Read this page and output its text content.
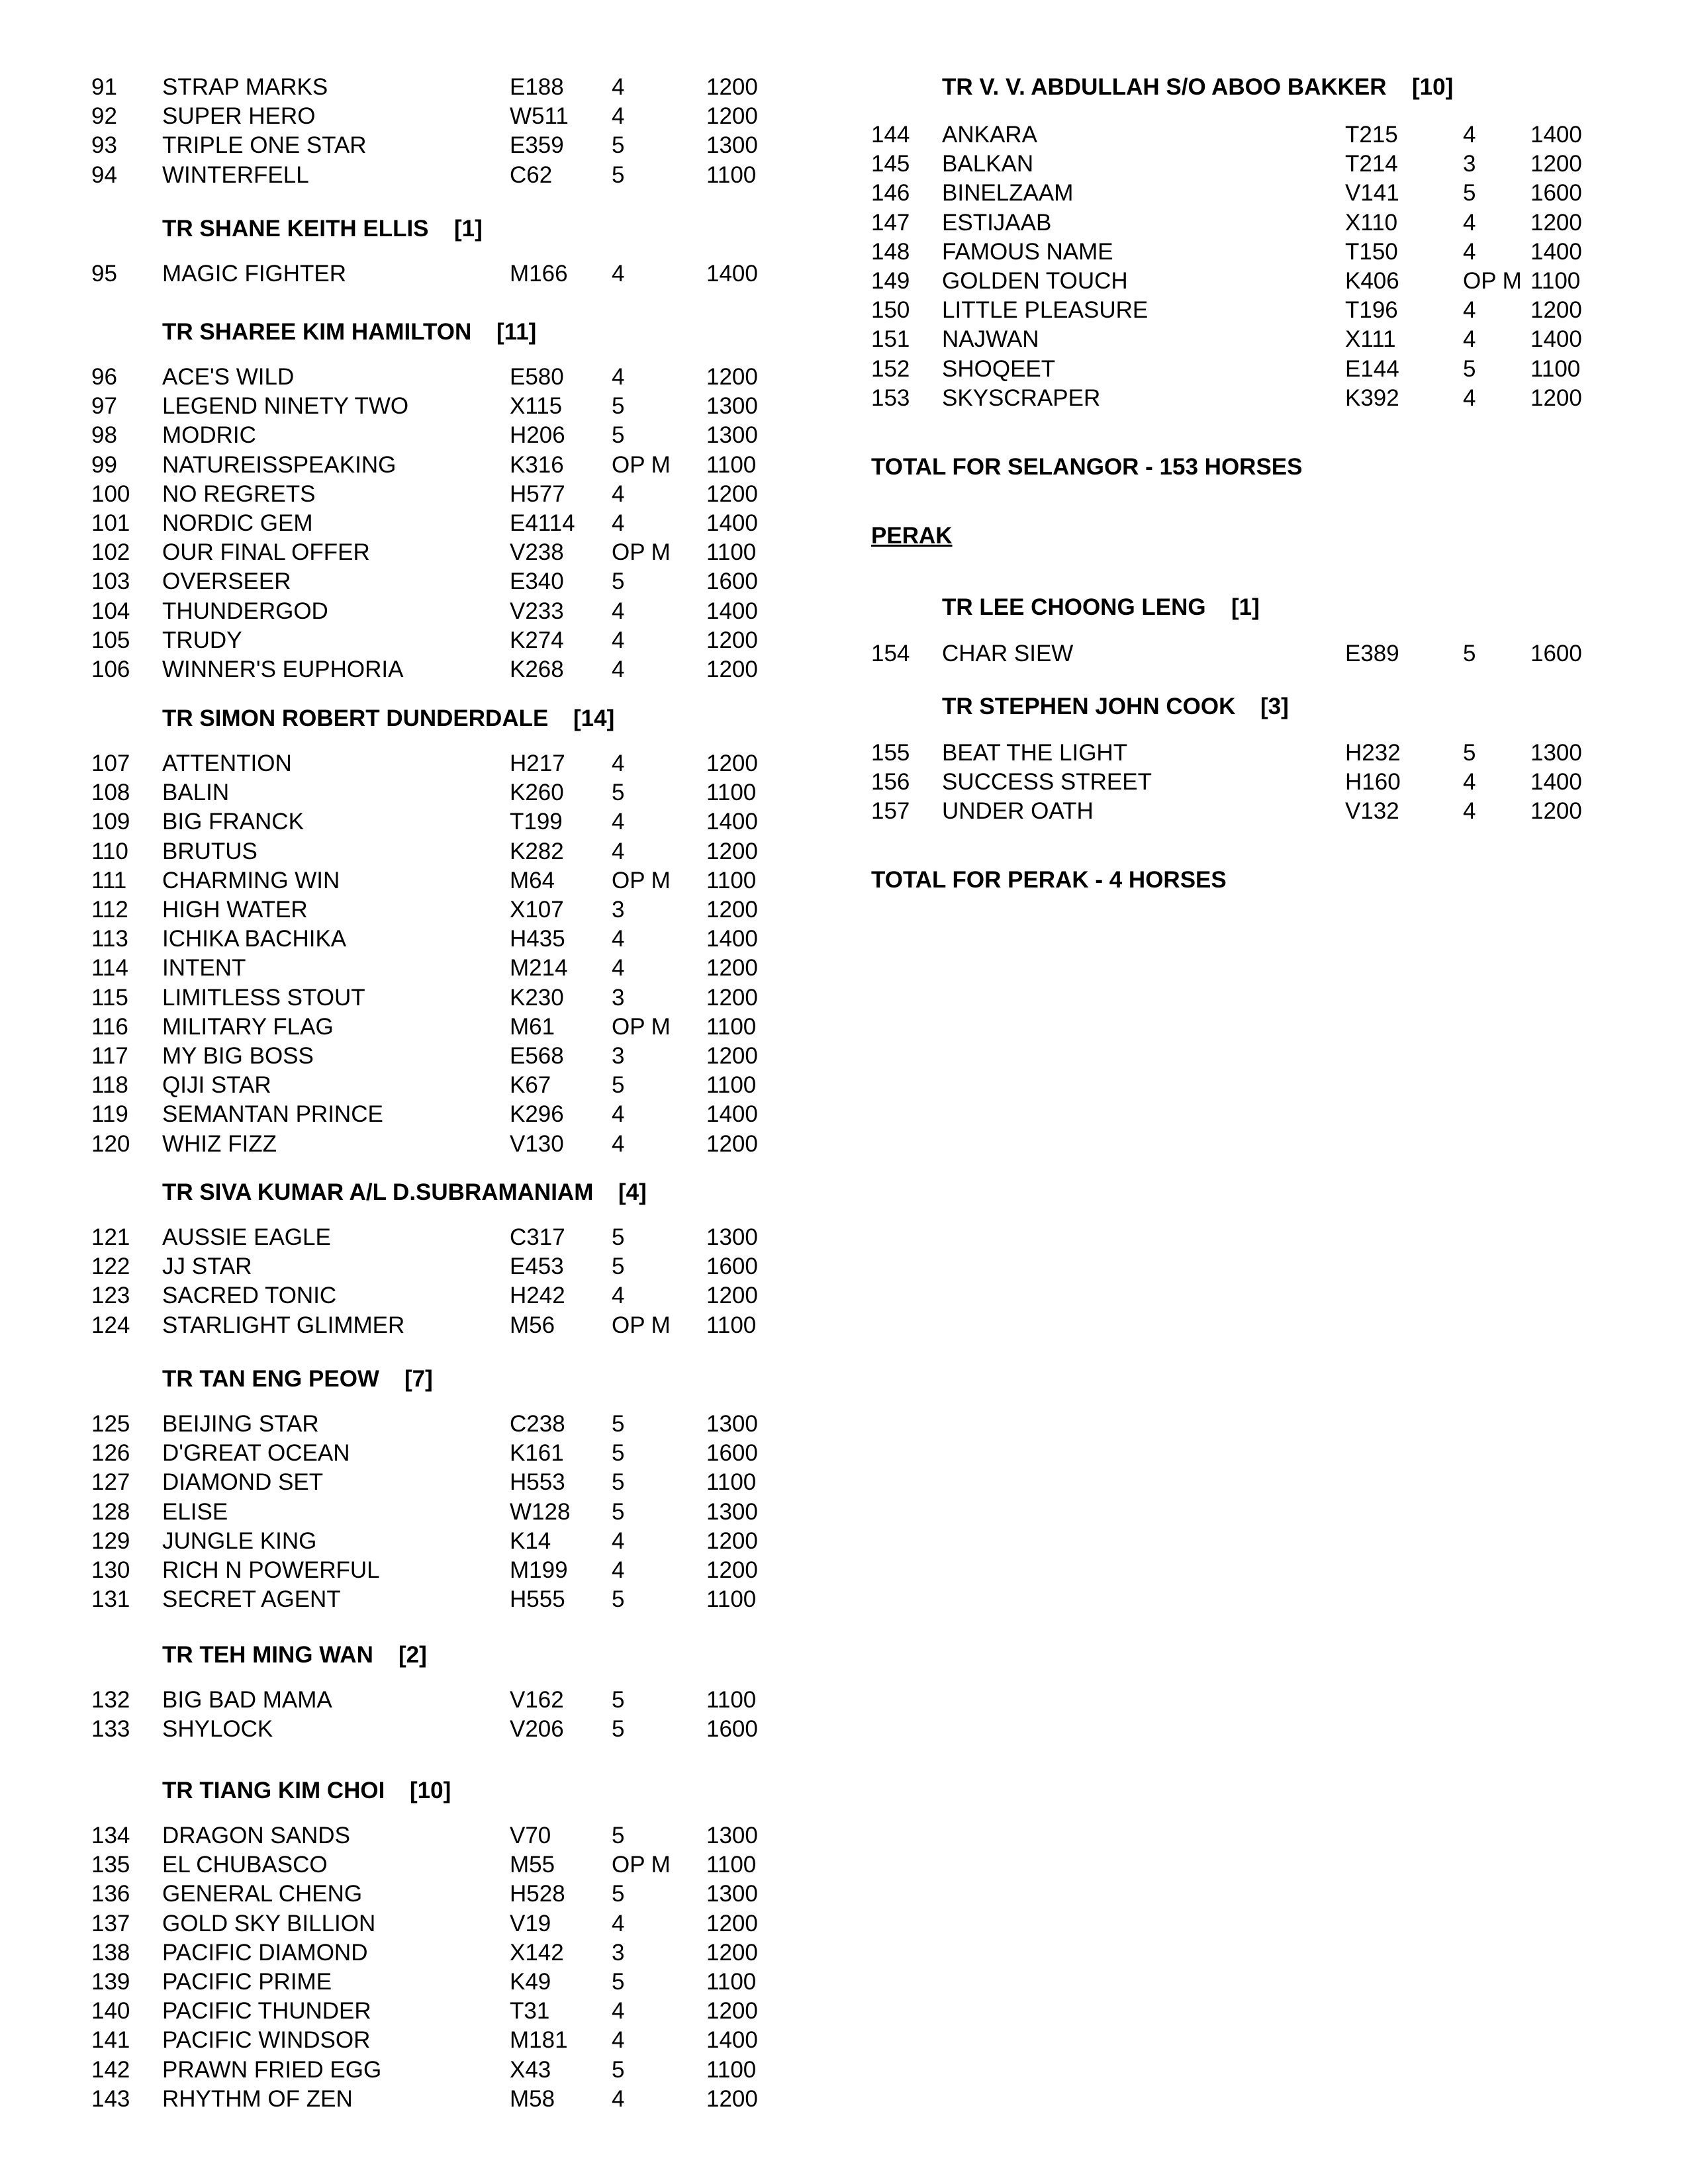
91 STRAP MARKS	E188 4	1200
92 SUPER HERO	W511 4	1200
93 TRIPLE ONE STAR	E359 5	1300
94 WINTERFELL	C62	5	1100
TR SHANE KEITH ELLIS [1]
95 MAGIC FIGHTER	M166 4	1400
TR SHAREE KIM HAMILTON [11]
96 ACE'S WILD	E580 4	1200
97 LEGEND NINETY TWO	X115 5	1300
98 MODRIC	H206 5	1300
99 NATUREISSPEAKING	K316 OP M 1100
100 NO REGRETS	H577 4	1200
101 NORDIC GEM	E4114 4	1400
102 OUR FINAL OFFER	V238 OP M 1100
103 OVERSEER	E340 5	1600
104 THUNDERGOD	V233 4	1400
105 TRUDY	K274 4	1200
106 WINNER'S EUPHORIA	K268 4	1200
TR SIMON ROBERT DUNDERDALE [14]
107 ATTENTION	H217 4	1200
108 BALIN	K260 5	1100
109 BIG FRANCK	T199 4	1400
110 BRUTUS	K282 4	1200
111 CHARMING WIN	M64 OP M 1100
112 HIGH WATER	X107 3	1200
113 ICHIKA BACHIKA	H435 4	1400
114 INTENT	M214 4	1200
115 LIMITLESS STOUT	K230 3	1200
116 MILITARY FLAG	M61 OP M 1100
117 MY BIG BOSS	E568 3	1200
118 QIJI STAR	K67	5	1100
119 SEMANTAN PRINCE	K296 4	1400
120 WHIZ FIZZ	V130 4	1200
TR SIVA KUMAR A/L D.SUBRAMANIAM [4]
121 AUSSIE EAGLE	C317 5	1300
122 JJ STAR	E453 5	1600
123 SACRED TONIC	H242 4	1200
124 STARLIGHT GLIMMER	M56 OP M 1100
TR TAN ENG PEOW [7]
125 BEIJING STAR	C238 5	1300
126 D'GREAT OCEAN	K161 5	1600
127 DIAMOND SET	H553 5	1100
128 ELISE	W128 5	1300
129 JUNGLE KING	K14	4	1200
130 RICH N POWERFUL	M199 4	1200
131 SECRET AGENT	H555 5	1100
TR TEH MING WAN [2]
132 BIG BAD MAMA	V162 5	1100
133 SHYLOCK	V206 5	1600
TR TIANG KIM CHOI [10]
134 DRAGON SANDS	V70	5	1300
135 EL CHUBASCO	M55 OP M 1100
136 GENERAL CHENG	H528 5	1300
137 GOLD SKY BILLION	V19	4	1200
138 PACIFIC DIAMOND	X142 3	1200
139 PACIFIC PRIME	K49	5	1100
140 PACIFIC THUNDER	T31	4	1200
141 PACIFIC WINDSOR	M181 4	1400
142 PRAWN FRIED EGG	X43	5	1100
143 RHYTHM OF ZEN	M58 4	1200
TOTAL FOR SELANGOR - 153 HORSES
PERAK
TOTAL FOR PERAK - 4 HORSES
TR V. V. ABDULLAH S/O ABOO BAKKER [10]
144 ANKARA	T215	4 1400
145 BALKAN	T214	3 1200
146 BINELZAAM	V141	5 1600
147 ESTIJAAB	X110	4 1200
148 FAMOUS NAME	T150	4 1400
149 GOLDEN TOUCH	K406	OP M 1100
150 LITTLE PLEASURE	T196	4 1200
151 NAJWAN	X111	4 1400
152 SHOQEET	E144	5 1100
153 SKYSCRAPER	K392	4 1200
TR LEE CHOONG LENG [1]
154 CHAR SIEW	E389	5 1600
TR STEPHEN JOHN COOK [3]
155 BEAT THE LIGHT	H232	5 1300
156 SUCCESS STREET	H160	4 1400
157 UNDER OATH	V132	4 1200
